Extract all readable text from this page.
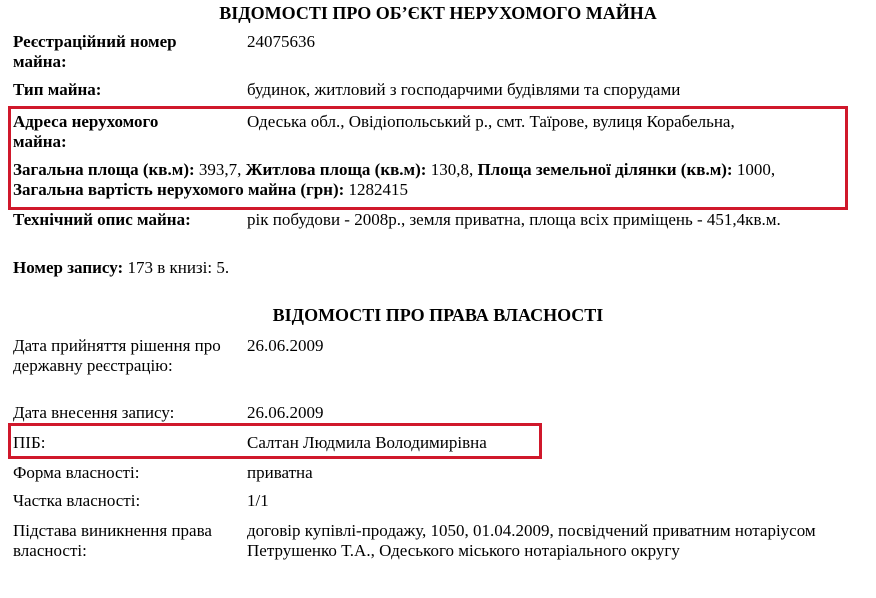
ВІДОМОСТІ ПРО ОБ’ЄКТ НЕРУХОМОГО МАЙНА
Реєстраційний номер майна:
24075636
Тип майна:	будинок, житловий з господарчими будівлями та спорудами
Адреса нерухомого майна:
Одеська обл., Овідіопольський р., смт. Таїрове, вулиця Корабельна,
Загальна площа (кв.м): 393,7, Житлова площа (кв.м): 130,8, Площа земельної ділянки (кв.м): 1000, Загальна вартість нерухомого майна (грн): 1282415
Технічний опис майна:	рік побудови - 2008р., земля приватна, площа всіх приміщень - 451,4кв.м.
Номер запису: 173 в книзі: 5.
ВІДОМОСТІ ПРО ПРАВА ВЛАСНОСТІ
Дата прийняття рішення про державну реєстрацію:
26.06.2009
Дата внесення запису:	26.06.2009
ПІБ:	Салтан Людмила Володимирівна
Форма власності:	приватна
Частка власності:	1/1
Підстава виникнення права власності:
договір купівлі-продажу, 1050, 01.04.2009, посвідчений приватним нотаріусом Петрушенко Т.А., Одеського міського нотаріального округу
